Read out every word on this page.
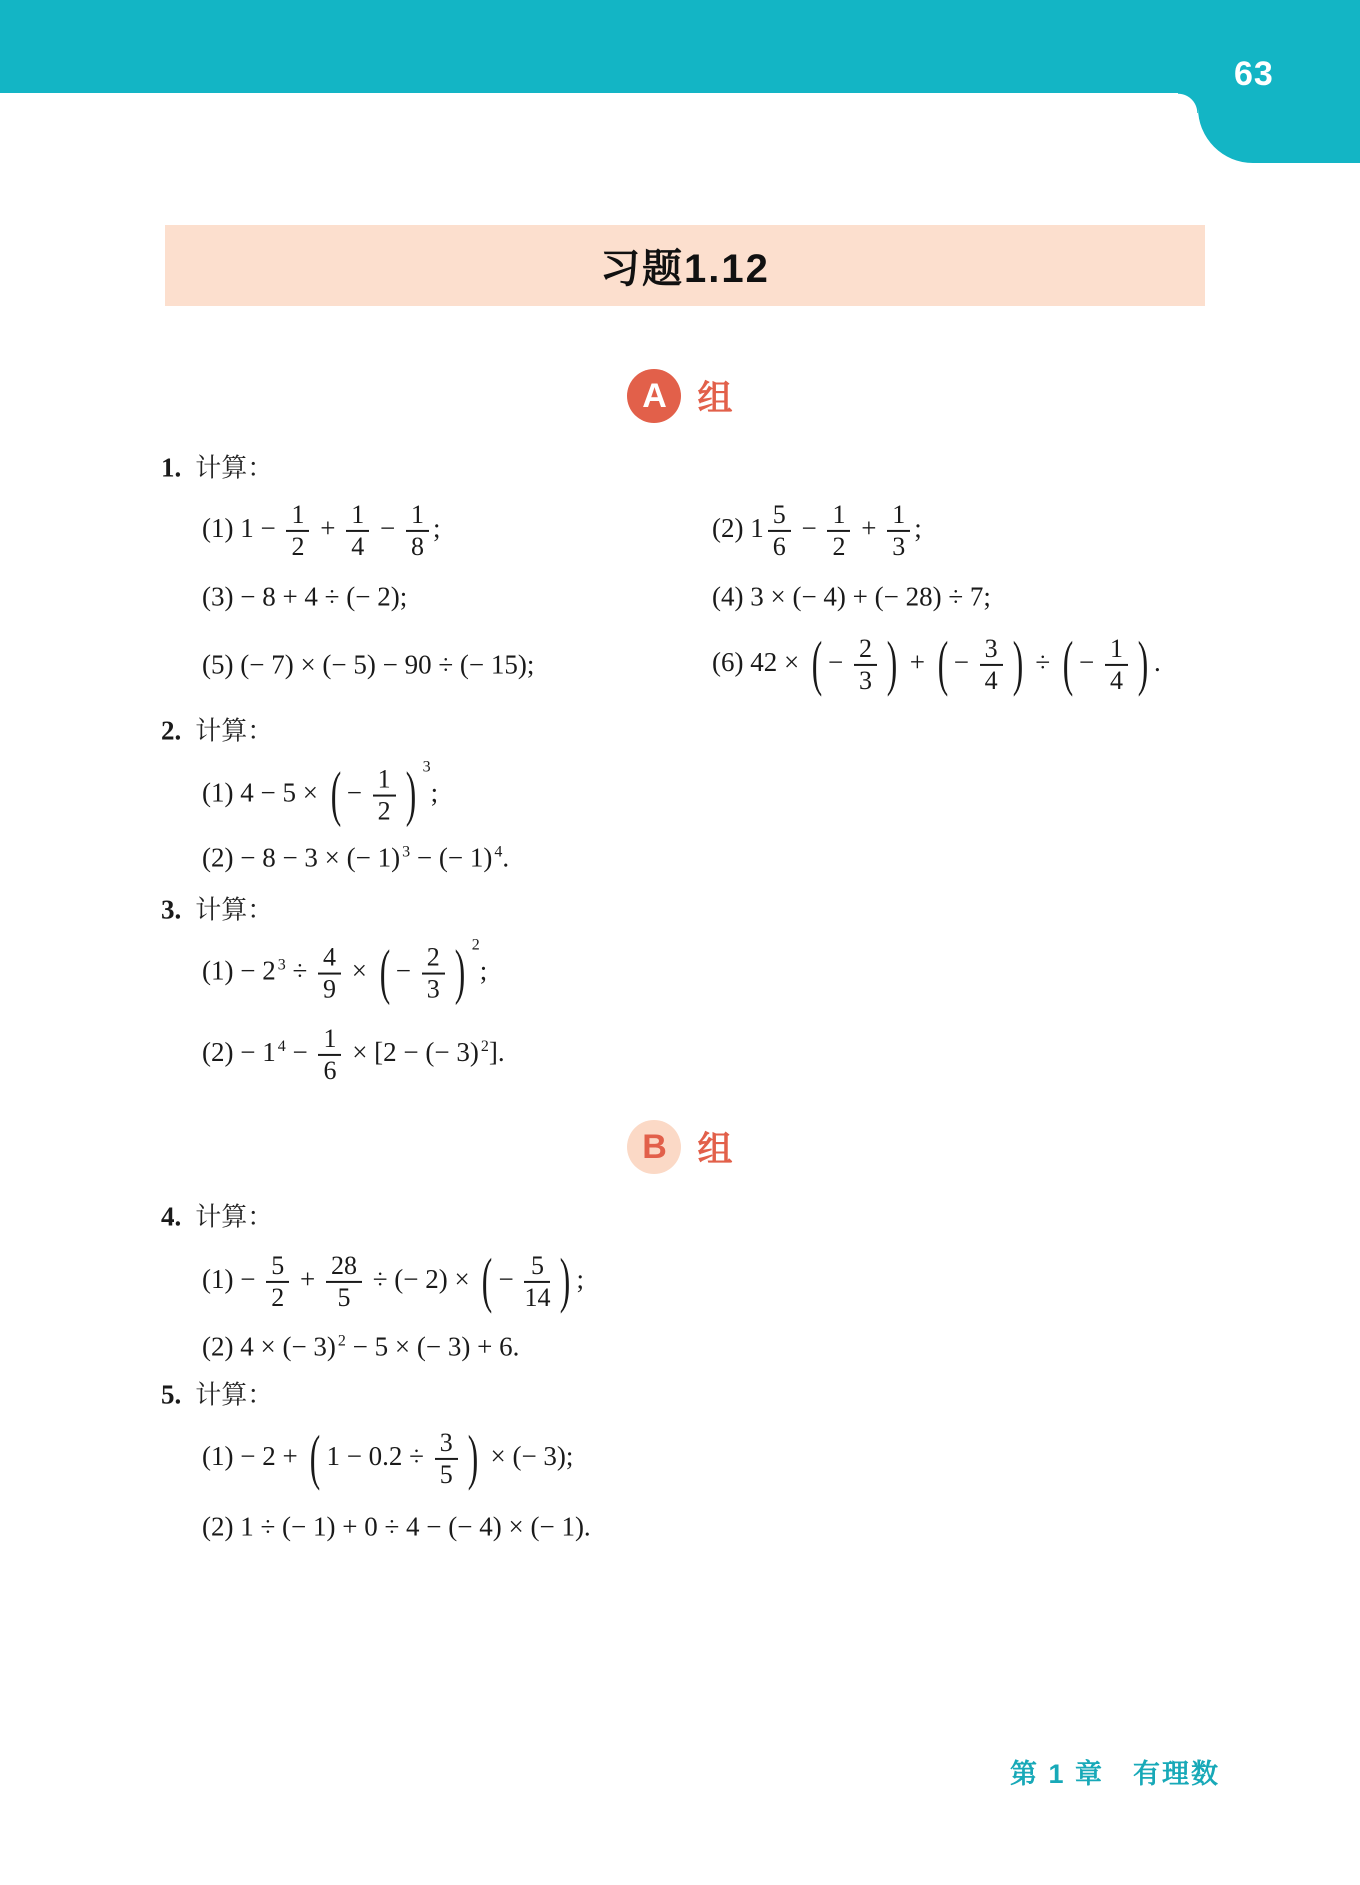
63
习题1.12
A 组
1. 计算：
(1) $1 - \frac{1}{2} + \frac{1}{4} - \frac{1}{8}$ ;	(2) $1 \frac{5}{6} - \frac{1}{2} + \frac{1}{3}$ ;
(3) − 8 + 4 ÷ (− 2);	(4) 3 × (− 4) + (− 28) ÷ 7;
(5) (− 7) × (− 5) − 90 ÷ (− 15);	(6) 42 × ( − $\frac{2}{3}$ ) + ( − $\frac{3}{4}$ ) ÷ ( − $\frac{1}{4}$ ) .
2. 计算：
(1) 4 − 5 × ( − $\frac{1}{2}$ ) 3;
(2) − 8 − 3 × (− 1) 3 − (− 1) 4.
3. 计算：
(1) − 2 $3 \div \frac{4}{9}$ × ( − $\frac{2}{3}$ ) 2;
(2) − 1 $4 - \frac{1}{6} \times [2$ − (− 3) 2].
4. 计算：
$(1) - \frac{5}{2} + \frac{28}{5}$ ÷ (− 2) × ( − $\frac{5}{14}$ ) ;
(2) 4 × (− 3) 2 − 5 × (− 3) + 6.
5. 计算：
(1) − 2 + ( $1 - 0.2 \div \frac{3}{5}$ ) × (− 3);
(2) 1 ÷ (− 1) + 0 ÷ 4 − (− 4) × (− 1).
B 组
第 1 章　有理数
